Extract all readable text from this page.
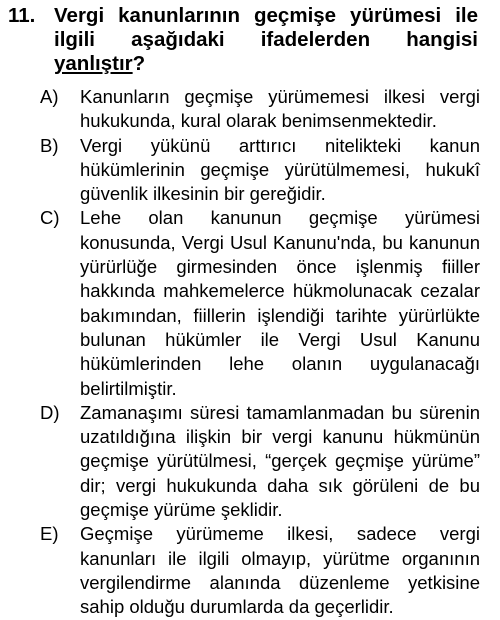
11. Vergi kanunlarının geçmişe yürümesi ile ilgili aşağıdaki ifadelerden hangisi yanlıştır?
A)	Kanunların geçmişe yürümemesi ilkesi vergi hukukunda, kural olarak benimsenmektedir.
B)	Vergi yükünü arttırıcı nitelikteki kanun hükümlerinin geçmişe yürütülmemesi, hukukî güvenlik ilkesinin bir gereğidir.
C)	Lehe olan kanunun geçmişe yürümesi konusunda, Vergi Usul Kanunu'nda, bu kanunun yürürlüğe girmesinden önce işlenmiş fiiller hakkında mahkemelerce hükmolunacak cezalar bakımından, fiillerin işlendiği tarihte yürürlükte bulunan hükümler ile Vergi Usul Kanunu hükümlerinden lehe olanın uygulanacağı belirtilmiştir.
D)	Zamanaşımı süresi tamamlanmadan bu sürenin uzatıldığına ilişkin bir vergi kanunu hükmünün geçmişe yürütülmesi, “gerçek geçmişe yürüme” dir; vergi hukukunda daha sık görüleni de bu geçmişe yürüme şeklidir.
E)	Geçmişe yürümeme ilkesi, sadece vergi kanunları ile ilgili olmayıp, yürütme organının vergilendirme alanında düzenleme yetkisine sahip olduğu durumlarda da geçerlidir.
